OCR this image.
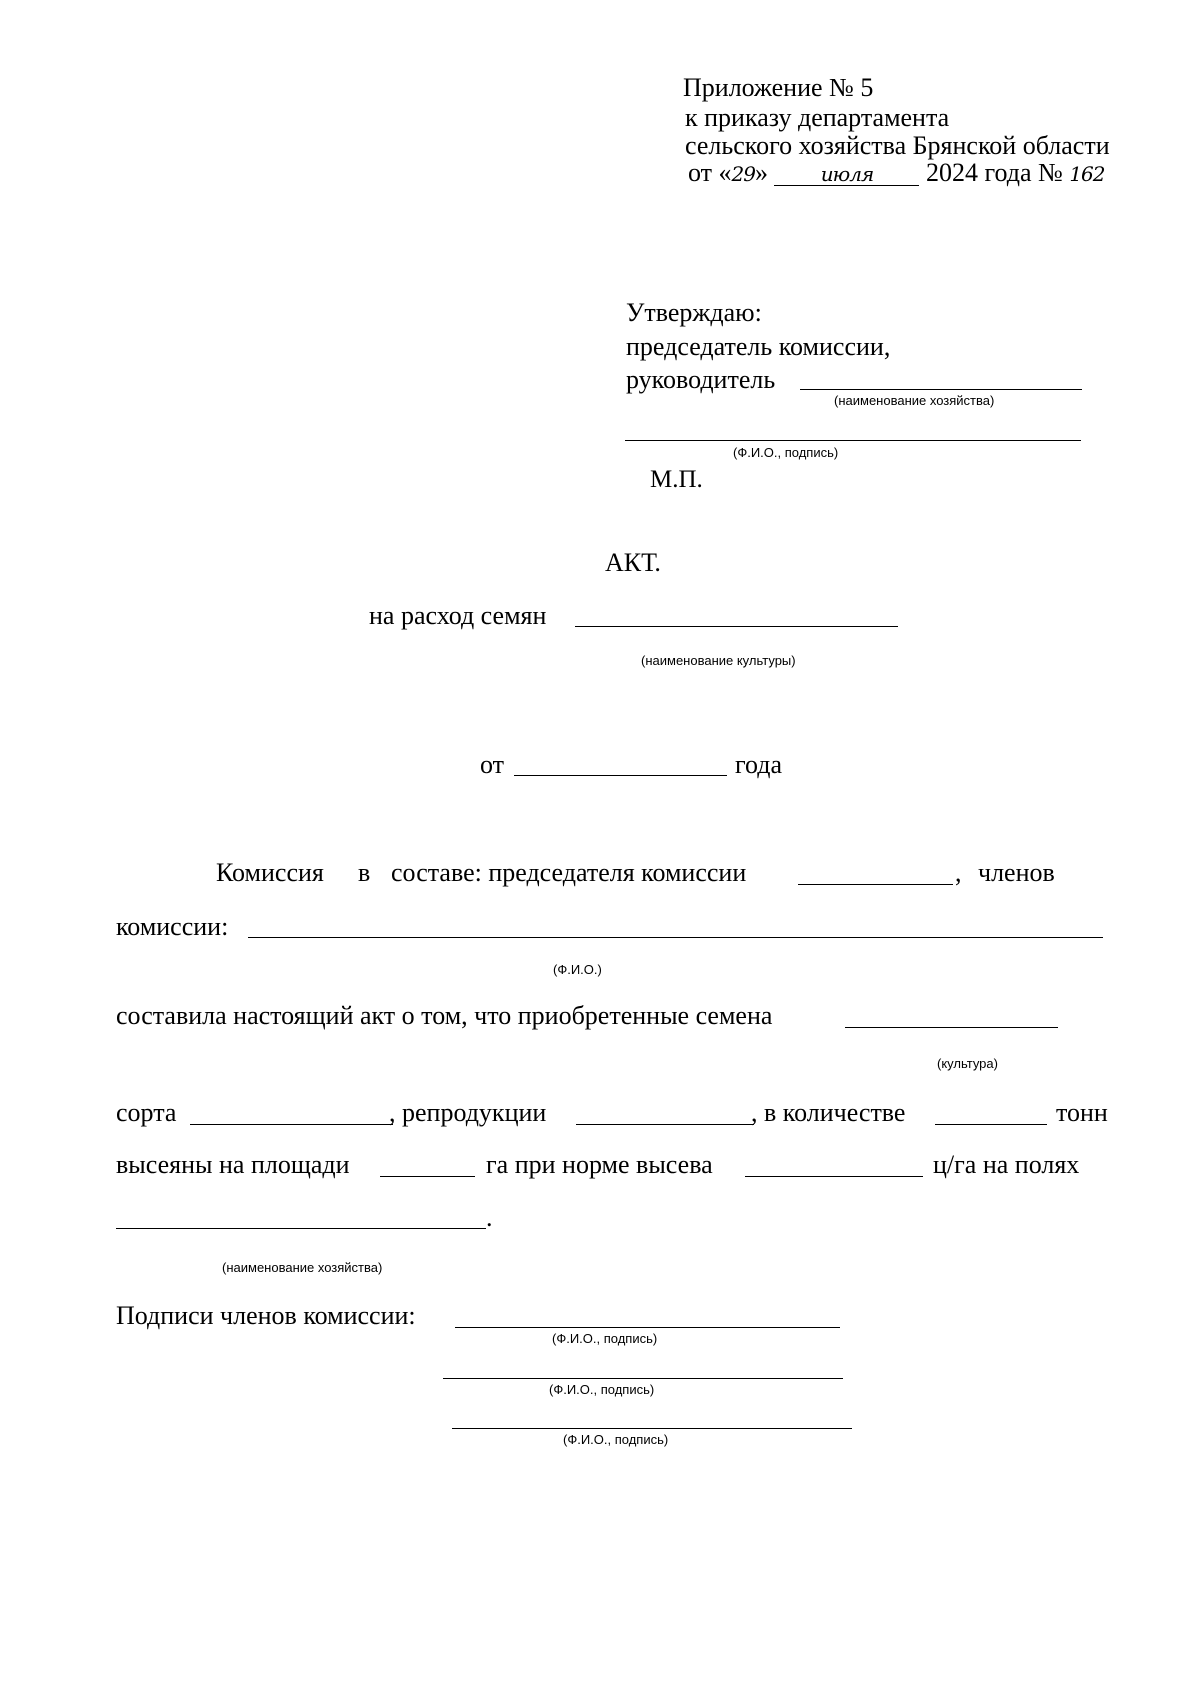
Приложение № 5
к приказу департамента
сельского хозяйства Брянской области
от «29»	июля 2024 года № 162
Утверждаю:
председатель комиссии,
руководитель
(наименование хозяйства)
(Ф.И.О., подпись)
М.П.
АКТ.
на расход семян
(наименование культуры)
от	года
Комиссия в составе: председателя комиссии	, членов
комиссии:
(Ф.И.О.)
составила настоящий акт о том, что приобретенные семена
(культура)
сорта	, репродукции	, в количестве	тонн
высеяны на площади	га при норме высева	ц/га на полях
.
(наименование хозяйства)
Подписи членов комиссии:
(Ф.И.О., подпись)
(Ф.И.О., подпись)
(Ф.И.О., подпись)
